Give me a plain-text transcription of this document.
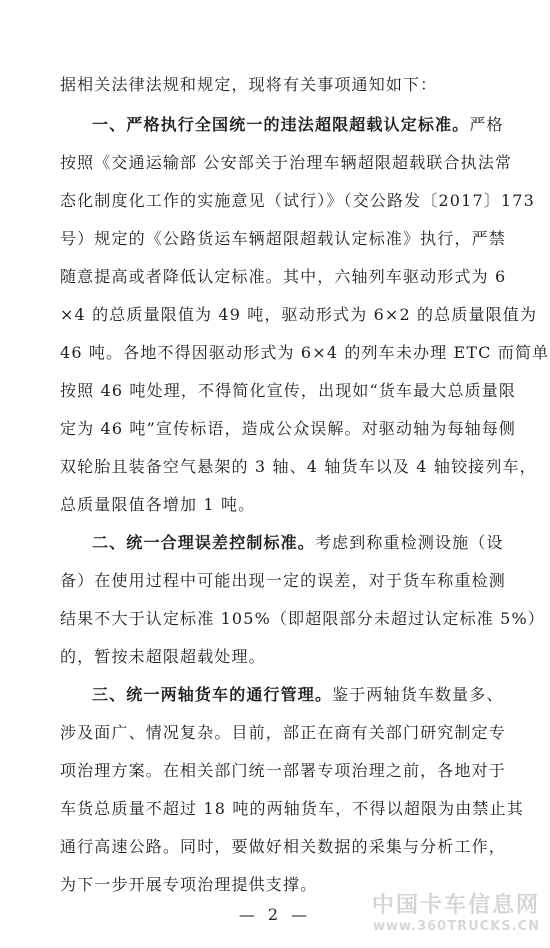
据相关法律法规和规定，现将有关事项通知如下：
一、严格执行全国统一的违法超限超载认定标准。严格
按照《交通运输部 公安部关于治理车辆超限超载联合执法常
态化制度化工作的实施意见（试行）》（交公路发〔2017〕173
号）规定的《公路货运车辆超限超载认定标准》执行，严禁
随意提高或者降低认定标准。其中，六轴列车驱动形式为 6
×4 的总质量限值为 49 吨，驱动形式为 6×2 的总质量限值为
46 吨。各地不得因驱动形式为 6×4 的列车未办理 ETC 而简单
按照 46 吨处理，不得简化宣传，出现如“货车最大总质量限
定为 46 吨”宣传标语，造成公众误解。对驱动轴为每轴每侧
双轮胎且装备空气悬架的 3 轴、4 轴货车以及 4 轴铰接列车，
总质量限值各增加 1 吨。
二、统一合理误差控制标准。考虑到称重检测设施（设
备）在使用过程中可能出现一定的误差，对于货车称重检测
结果不大于认定标准 105%（即超限部分未超过认定标准 5%）
的，暂按未超限超载处理。
三、统一两轴货车的通行管理。鉴于两轴货车数量多、
涉及面广、情况复杂。目前，部正在商有关部门研究制定专
项治理方案。在相关部门统一部署专项治理之前，各地对于
车货总质量不超过 18 吨的两轴货车，不得以超限为由禁止其
通行高速公路。同时，要做好相关数据的采集与分析工作，
为下一步开展专项治理提供支撑。
— 2 —	中国卡车信息网
www.360TRUCKS.CN
